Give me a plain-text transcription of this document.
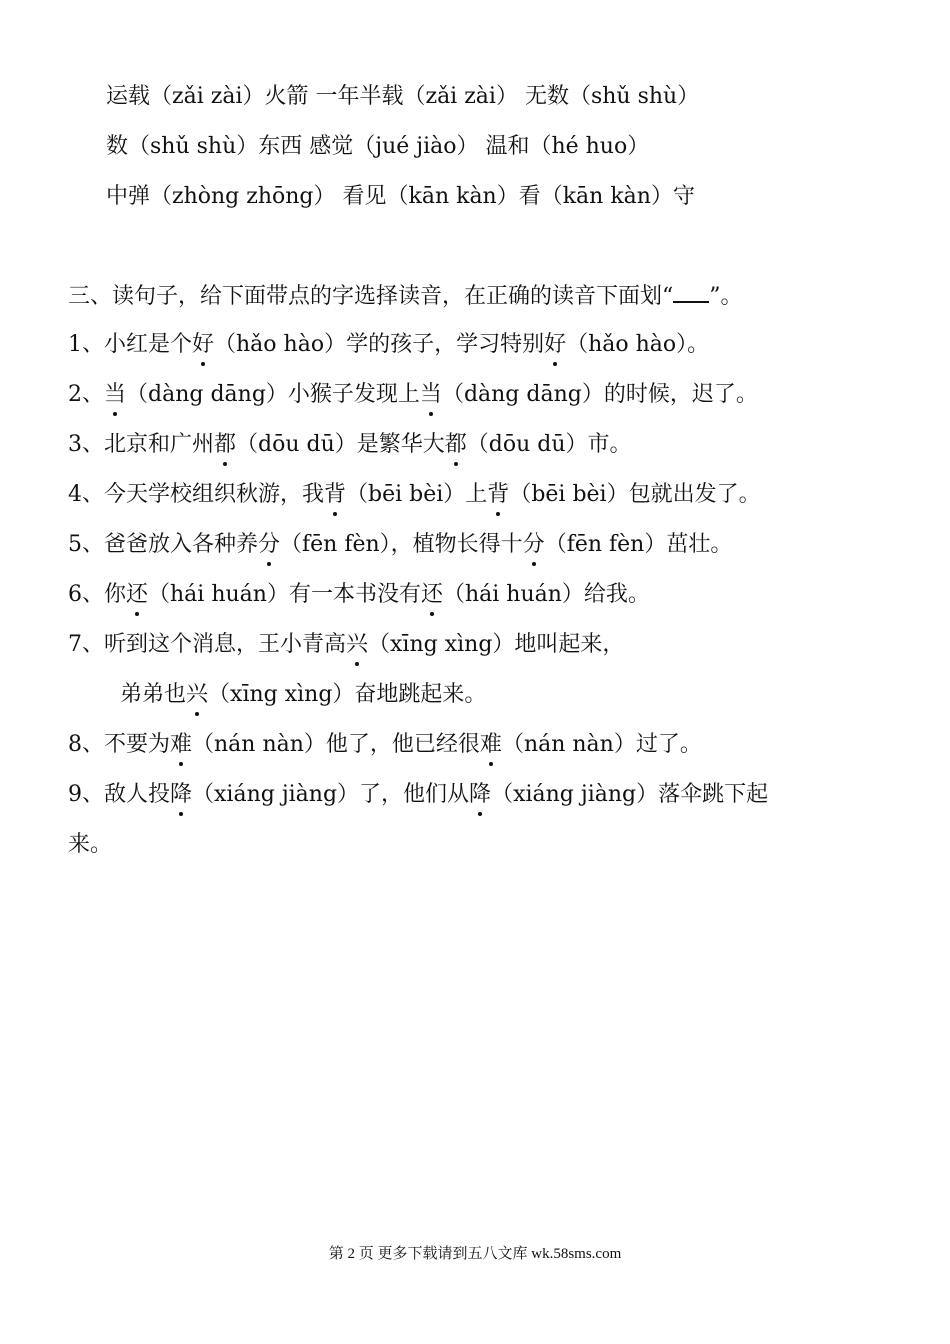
运载（zǎi zài）火箭 一年半载（zǎi zài） 无数（shǔ shù）
数（shǔ shù）东西 感觉（jué jiào） 温和（hé huo）
中弹（zhòng zhōng） 看见（kān kàn）看（kān kàn）守
三、读句子，给下面带点的字选择读音，在正确的读音下面划“ ”。
1、小红是个好（hǎo hào）学的孩子，学习特别好（hǎo hào）。
2、当（dàng dāng）小猴子发现上当（dàng dāng）的时候，迟了。
3、北京和广州都（dōu dū）是繁华大都（dōu dū）市。
4、今天学校组织秋游，我背（bēi bèi）上背（bēi bèi）包就出发了。
5、爸爸放入各种养分（fēn fèn），植物长得十分（fēn fèn）茁壮。
6、你还（hái huán）有一本书没有还（hái huán）给我。
7、听到这个消息，王小青高兴（xīng xìng）地叫起来，
弟弟也兴（xīng xìng）奋地跳起来。
8、不要为难（nán nàn）他了，他已经很难（nán nàn）过了。
9、敌人投降（xiáng jiàng）了，他们从降（xiáng jiàng）落伞跳下起
来。
第 2 页 更多下载请到五八文库 wk.58sms.com
